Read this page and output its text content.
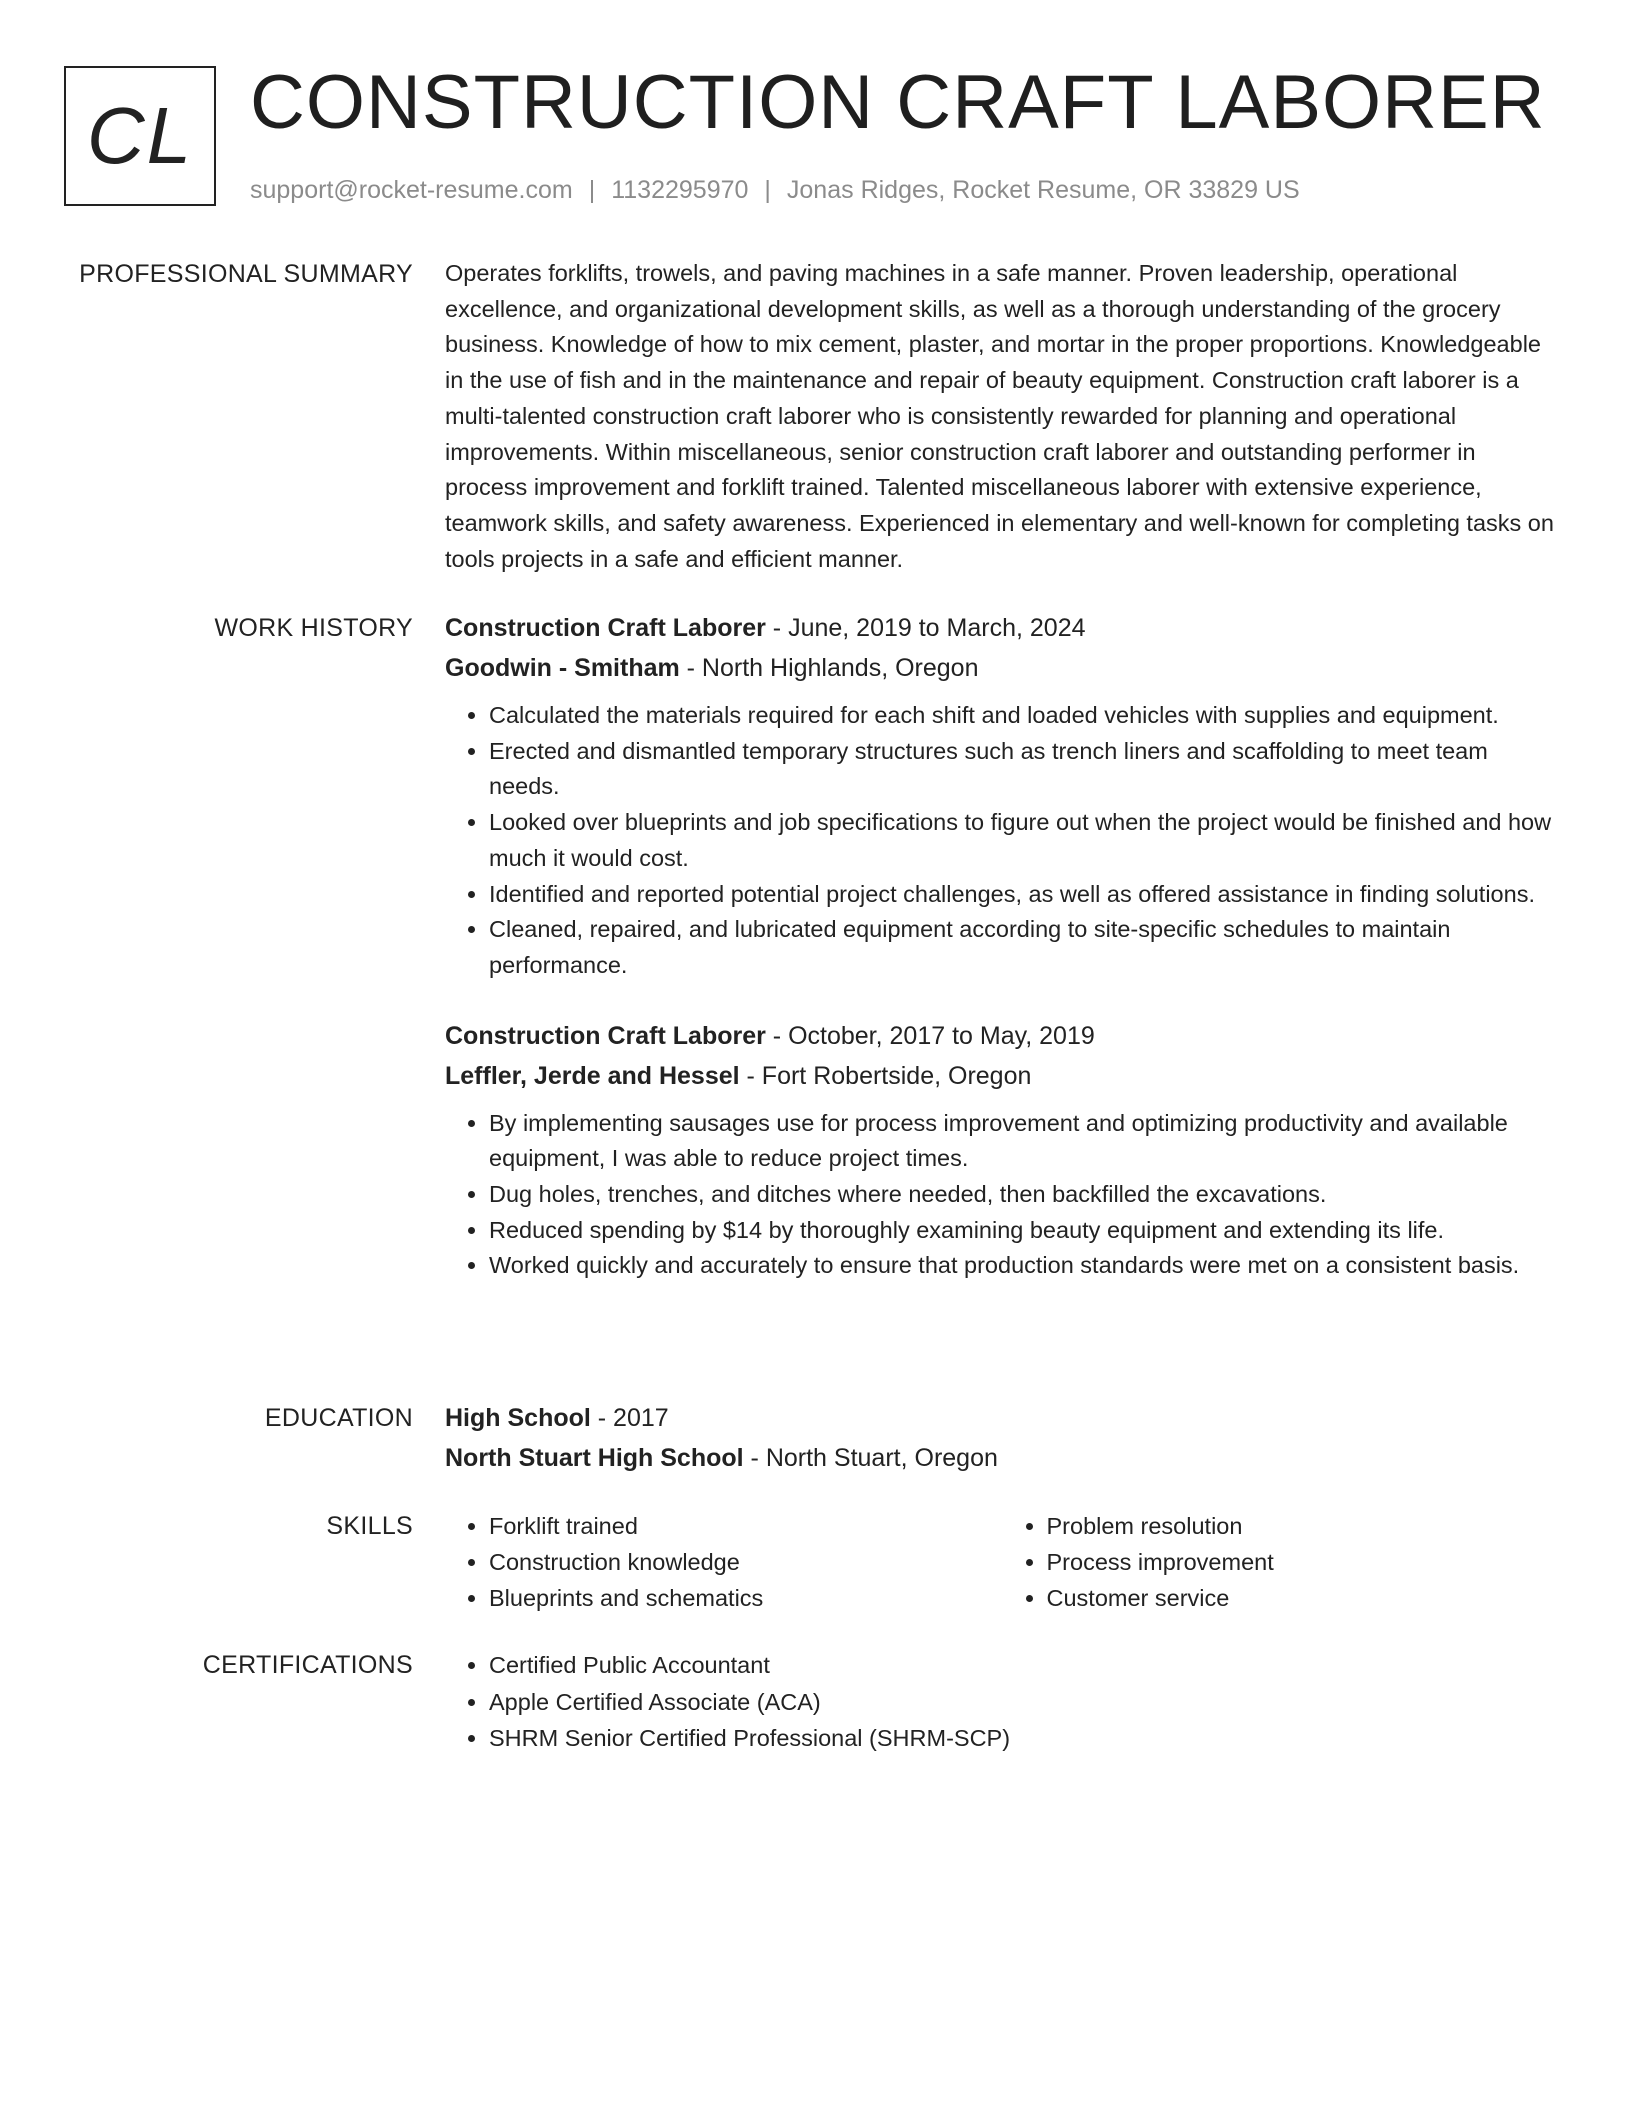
CL CONSTRUCTION CRAFT LABORER
support@rocket-resume.com | 1132295970 | Jonas Ridges, Rocket Resume, OR 33829 US
PROFESSIONAL SUMMARY Operates forklifts, trowels, and paving machines in a safe manner. Proven leadership, operational excellence, and organizational development skills, as well as a thorough understanding of the grocery business. Knowledge of how to mix cement, plaster, and mortar in the proper proportions. Knowledgeable in the use of fish and in the maintenance and repair of beauty equipment. Construction craft laborer is a multi-talented construction craft laborer who is consistently rewarded for planning and operational improvements. Within miscellaneous, senior construction craft laborer and outstanding performer in process improvement and forklift trained. Talented miscellaneous laborer with extensive experience, teamwork skills, and safety awareness. Experienced in elementary and well-known for completing tasks on tools projects in a safe and efficient manner.

WORK HISTORY Construction Craft Laborer - June, 2019 to March, 2024
Goodwin - Smitham - North Highlands, Oregon
• Calculated the materials required for each shift and loaded vehicles with supplies and equipment.
• Erected and dismantled temporary structures such as trench liners and scaffolding to meet team needs.
• Looked over blueprints and job specifications to figure out when the project would be finished and how much it would cost.
• Identified and reported potential project challenges, as well as offered assistance in finding solutions.
• Cleaned, repaired, and lubricated equipment according to site-specific schedules to maintain performance.
Construction Craft Laborer - October, 2017 to May, 2019
Leffler, Jerde and Hessel - Fort Robertside, Oregon
• By implementing sausages use for process improvement and optimizing productivity and available equipment, I was able to reduce project times.
• Dug holes, trenches, and ditches where needed, then backfilled the excavations.
• Reduced spending by $14 by thoroughly examining beauty equipment and extending its life.
• Worked quickly and accurately to ensure that production standards were met on a consistent basis.
EDUCATION High School - 2017
North Stuart High School - North Stuart, Oregon
SKILLS	• Forklift trained
• Construction knowledge
• Blueprints and schematics
• Problem resolution
• Process improvement
• Customer service
CERTIFICATIONS	• Certified Public Accountant
• Apple Certified Associate (ACA)
• SHRM Senior Certified Professional (SHRM-SCP)
